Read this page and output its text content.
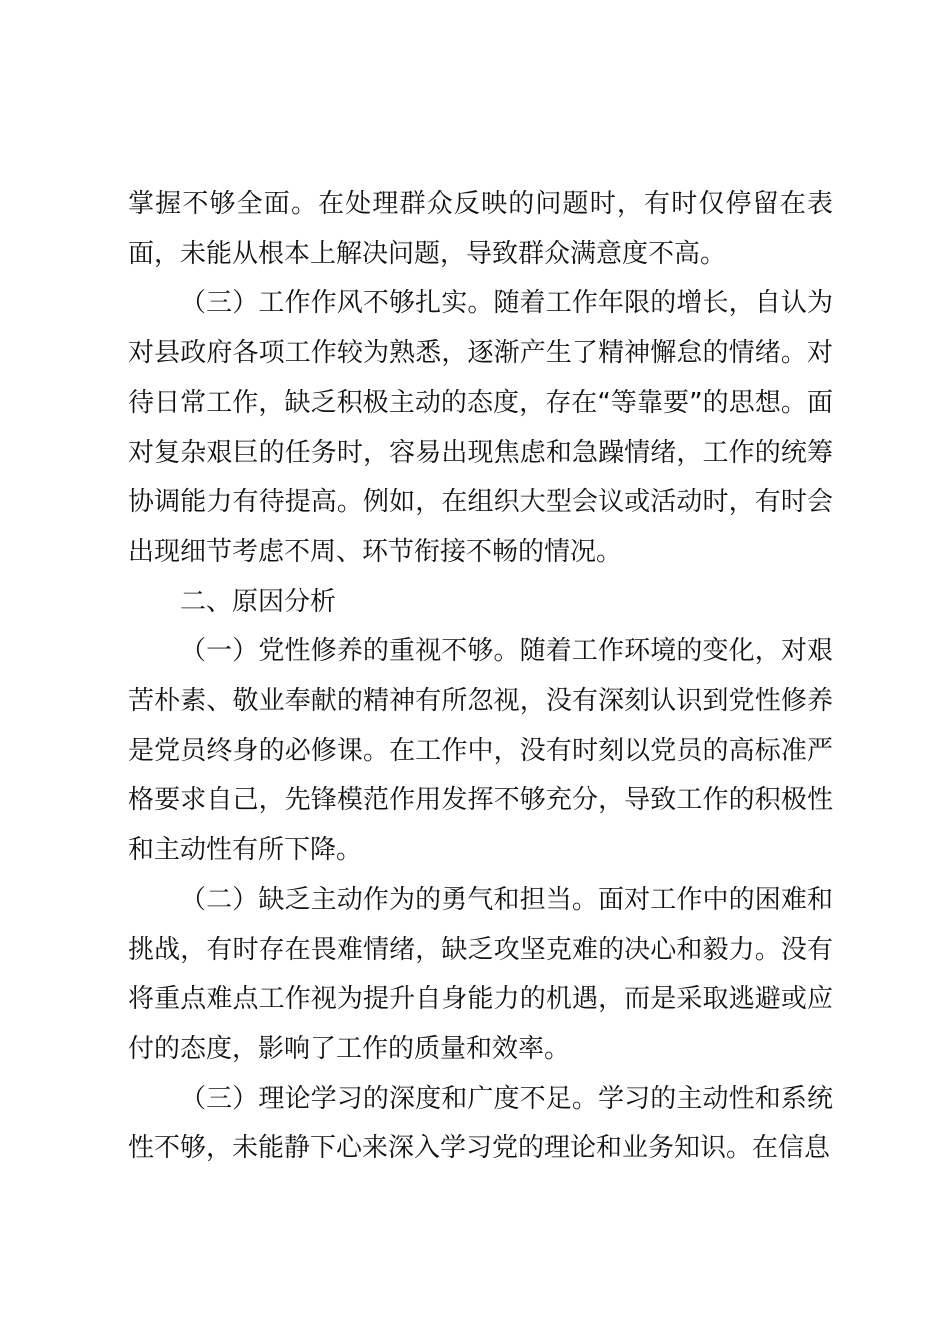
掌握不够全面。在处理群众反映的问题时，有时仅停留在表面，未能从根本上解决问题，导致群众满意度不高。

（三）工作作风不够扎实。随着工作年限的增长，自认为对县政府各项工作较为熟悉，逐渐产生了精神懈怠的情绪。对待日常工作，缺乏积极主动的态度，存在“等靠要”的思想。面对复杂艰巨的任务时，容易出现焦虑和急躁情绪，工作的统筹协调能力有待提高。例如，在组织大型会议或活动时，有时会出现细节考虑不周、环节衔接不畅的情况。

二、原因分析

（一）党性修养的重视不够。随着工作环境的变化，对艰苦朴素、敬业奉献的精神有所忽视，没有深刻认识到党性修养是党员终身的必修课。在工作中，没有时刻以党员的高标准严格要求自己，先锋模范作用发挥不够充分，导致工作的积极性和主动性有所下降。

（二）缺乏主动作为的勇气和担当。面对工作中的困难和挑战，有时存在畏难情绪，缺乏攻坚克难的决心和毅力。没有将重点难点工作视为提升自身能力的机遇，而是采取逃避或应付的态度，影响了工作的质量和效率。

（三）理论学习的深度和广度不足。学习的主动性和系统性不够，未能静下心来深入学习党的理论和业务知识。在信息
